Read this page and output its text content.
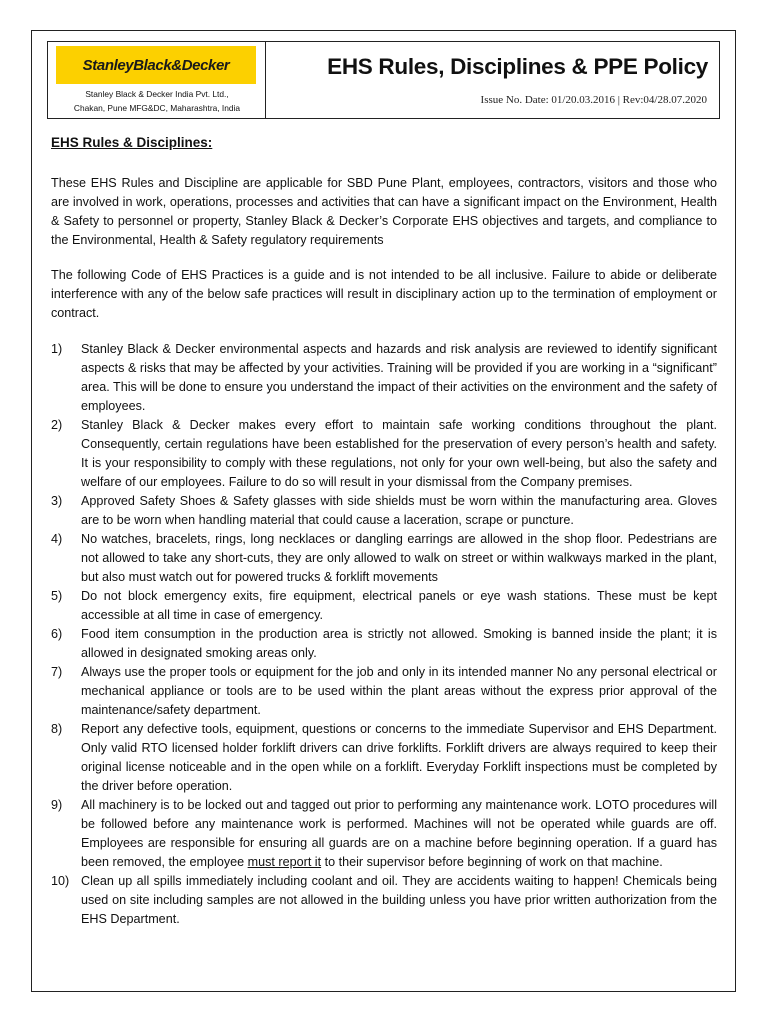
StanleyBlack&Decker
Stanley Black & Decker India Pvt. Ltd.,
Chakan, Pune MFG&DC, Maharashtra, India
EHS Rules, Disciplines & PPE Policy
Issue No. Date: 01/20.03.2016 | Rev:04/28.07.2020
EHS Rules & Disciplines:

These EHS Rules and Discipline are applicable for SBD Pune Plant, employees, contractors, visitors and those who are involved in work, operations, processes and activities that can have a significant impact on the Environment, Health & Safety to personnel or property, Stanley Black & Decker’s Corporate EHS objectives and targets, and compliance to the Environmental, Health & Safety regulatory requirements

The following Code of EHS Practices is a guide and is not intended to be all inclusive. Failure to abide or deliberate interference with any of the below safe practices will result in disciplinary action up to the termination of employment or contract.

1) Stanley Black & Decker environmental aspects and hazards and risk analysis are reviewed to identify significant aspects & risks that may be affected by your activities. Training will be provided if you are working in a “significant” area. This will be done to ensure you understand the impact of their activities on the environment and the safety of employees.
2) Stanley Black & Decker makes every effort to maintain safe working conditions throughout the plant. Consequently, certain regulations have been established for the preservation of every person’s health and safety. It is your responsibility to comply with these regulations, not only for your own well-being, but also the safety and welfare of our employees. Failure to do so will result in your dismissal from the Company premises.
3) Approved Safety Shoes & Safety glasses with side shields must be worn within the manufacturing area. Gloves are to be worn when handling material that could cause a laceration, scrape or puncture.
4) No watches, bracelets, rings, long necklaces or dangling earrings are allowed in the shop floor. Pedestrians are not allowed to take any short-cuts, they are only allowed to walk on street or within walkways marked in the plant, but also must watch out for powered trucks & forklift movements
5) Do not block emergency exits, fire equipment, electrical panels or eye wash stations. These must be kept accessible at all time in case of emergency.
6) Food item consumption in the production area is strictly not allowed. Smoking is banned inside the plant; it is allowed in designated smoking areas only.
7) Always use the proper tools or equipment for the job and only in its intended manner No any personal electrical or mechanical appliance or tools are to be used within the plant areas without the express prior approval of the maintenance/safety department.
8) Report any defective tools, equipment, questions or concerns to the immediate Supervisor and EHS Department. Only valid RTO licensed holder forklift drivers can drive forklifts. Forklift drivers are always required to keep their original license noticeable and in the open while on a forklift. Everyday Forklift inspections must be completed by the driver before operation.
9) All machinery is to be locked out and tagged out prior to performing any maintenance work. LOTO procedures will be followed before any maintenance work is performed. Machines will not be operated while guards are off. Employees are responsible for ensuring all guards are on a machine before beginning operation. If a guard has been removed, the employee must report it to their supervisor before beginning of work on that machine.
10) Clean up all spills immediately including coolant and oil. They are accidents waiting to happen! Chemicals being used on site including samples are not allowed in the building unless you have prior written authorization from the EHS Department.
